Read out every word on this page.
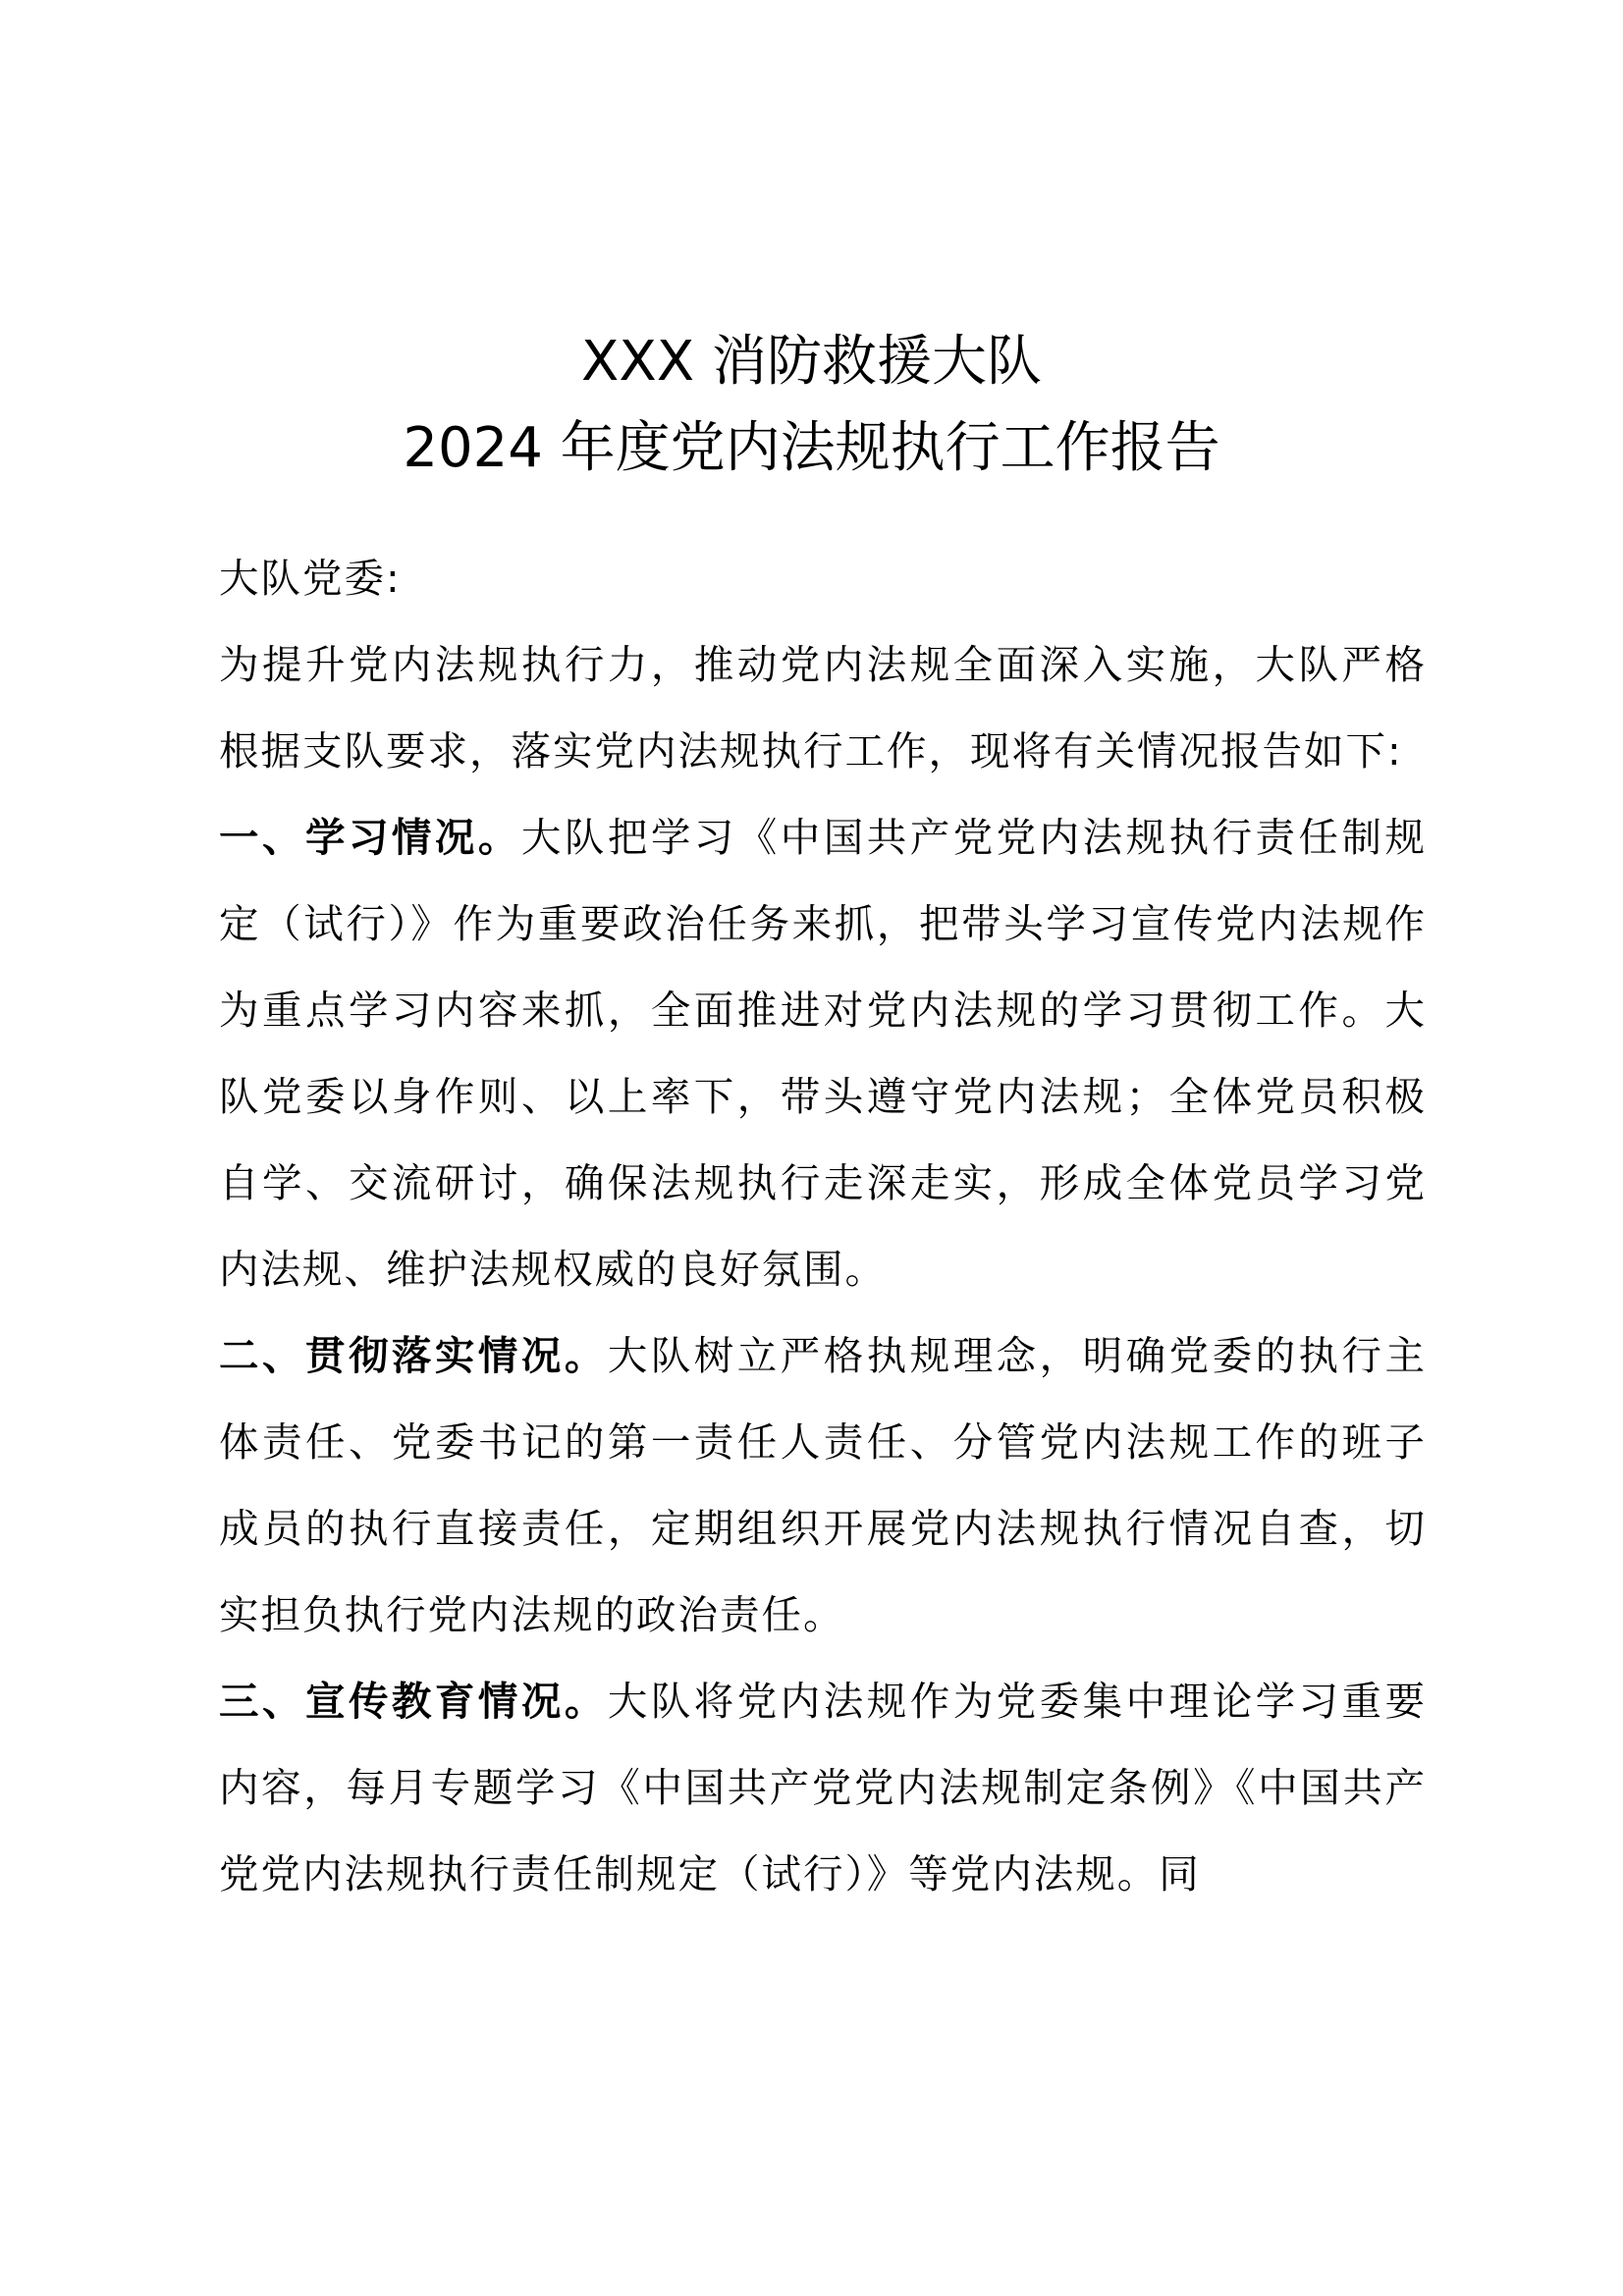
XXX 消防救援大队
2024 年度党内法规执行工作报告

大队党委:

为提升党内法规执行力，推动党内法规全面深入实施，大队严格根据支队要求，落实党内法规执行工作，现将有关情况报告如下:

一、学习情况。大队把学习《中国共产党党内法规执行责任制规定（试行）》作为重要政治任务来抓，把带头学习宣传党内法规作为重点学习内容来抓，全面推进对党内法规的学习贯彻工作。大队党委以身作则、以上率下，带头遵守党内法规；全体党员积极自学、交流研讨，确保法规执行走深走实，形成全体党员学习党内法规、维护法规权威的良好氛围。

二、贯彻落实情况。大队树立严格执规理念，明确党委的执行主体责任、党委书记的第一责任人责任、分管党内法规工作的班子成员的执行直接责任，定期组织开展党内法规执行情况自查，切实担负执行党内法规的政治责任。

三、宣传教育情况。大队将党内法规作为党委集中理论学习重要内容，每月专题学习《中国共产党党内法规制定条例》《中国共产党党内法规执行责任制规定（试行）》等党内法规。同
